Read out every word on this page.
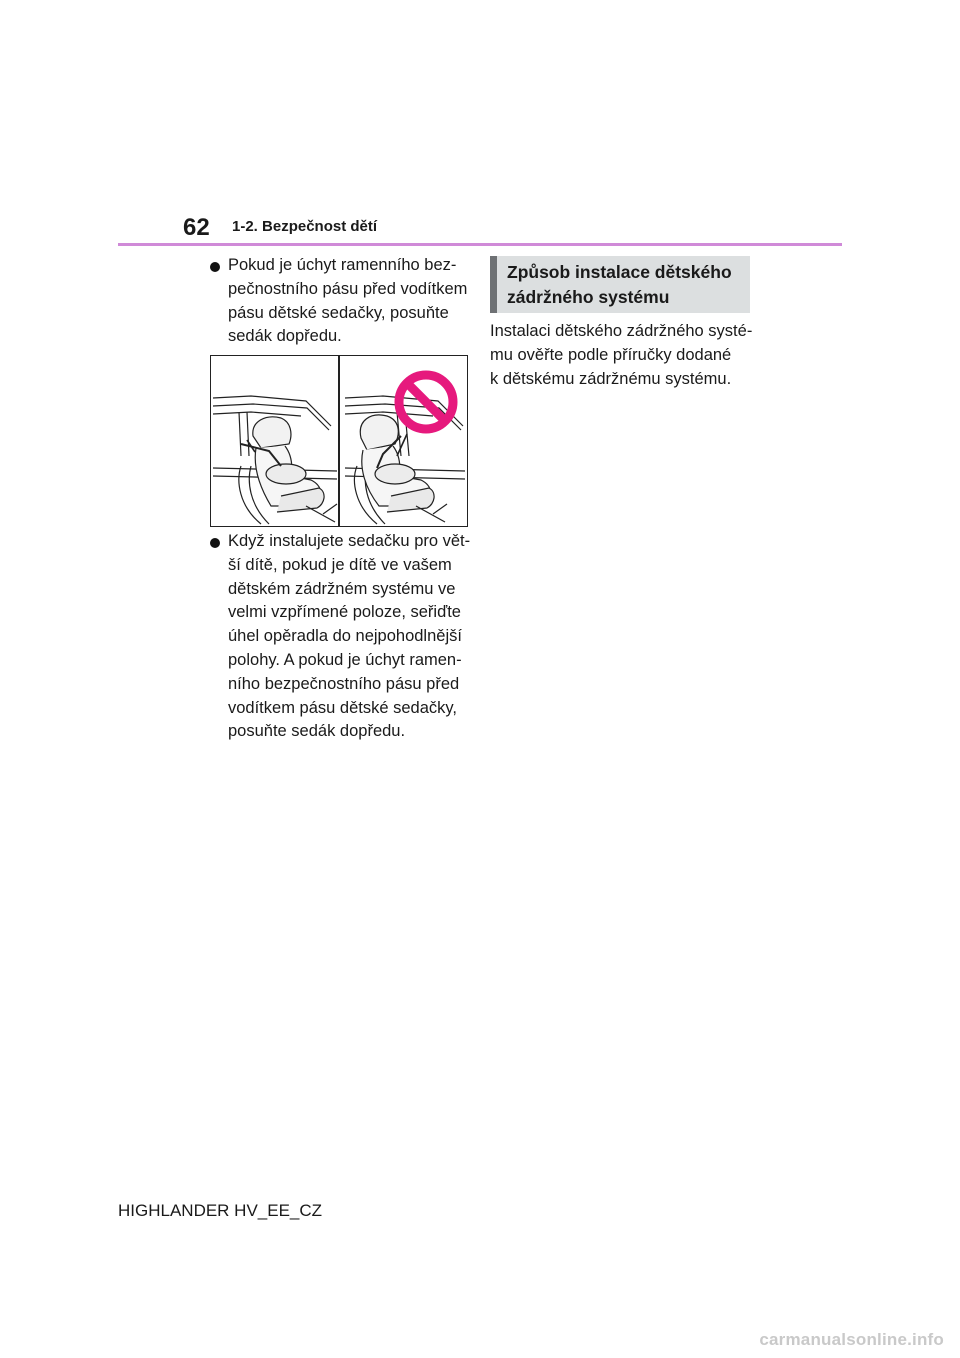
62 1-2. Bezpečnost dětí
Pokud je úchyt ramenního bez-
pečnostního pásu před vodítkem
pásu dětské sedačky, posuňte
sedák dopředu.
Když instalujete sedačku pro vět-
ší dítě, pokud je dítě ve vašem
dětském zádržném systému ve
velmi vzpřímené poloze, seřiďte
úhel opěradla do nejpohodlnější
polohy. A pokud je úchyt ramen-
ního bezpečnostního pásu před
vodítkem pásu dětské sedačky,
posuňte sedák dopředu.
Způsob instalace dětského
zádržného systému
Instalaci dětského zádržného systé-
mu ověřte podle příručky dodané
k dětskému zádržnému systému.
HIGHLANDER HV_EE_CZ
carmanualsonline.info
